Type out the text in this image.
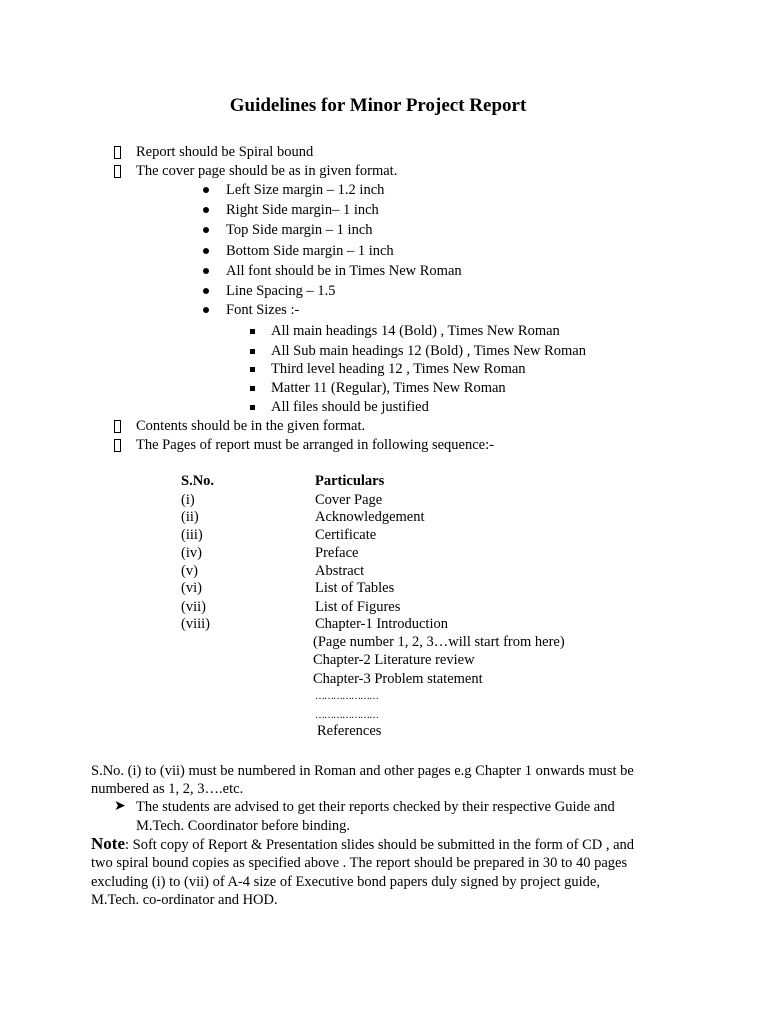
Guidelines for Minor Project Report
Report should be Spiral bound
The cover page should be as in given format.
Left Size margin – 1.2 inch
Right Side margin– 1 inch
Top Side margin – 1 inch
Bottom Side margin – 1 inch
All font should be in Times New Roman
Line Spacing – 1.5
Font Sizes :-
All main headings 14 (Bold) , Times New Roman
All Sub main headings 12 (Bold) , Times New Roman
Third level heading 12 , Times New Roman
Matter 11 (Regular), Times New Roman
All files should be justified
Contents should be in the given format.
The Pages of report must be arranged in following sequence:-
S.No.	Particulars
(i)	Cover Page
(ii)	Acknowledgement
(iii)	Certificate
(iv)	Preface
(v)	Abstract
(vi)	List of Tables
(vii)	List of Figures
(viii)	Chapter-1 Introduction
(Page number 1, 2, 3…will start from here)
Chapter-2 Literature review
Chapter-3 Problem statement
…………………
…………………
References
S.No. (i) to (vii) must be numbered in Roman and other pages e.g Chapter 1 onwards must be
numbered as 1, 2, 3….etc.
➤ The students are advised to get their reports checked by their respective Guide and
M.Tech. Coordinator before binding.
Note: Soft copy of Report & Presentation slides should be submitted in the form of CD , and
two spiral bound copies as specified above . The report should be prepared in 30 to 40 pages
excluding (i) to (vii) of A-4 size of Executive bond papers duly signed by project guide,
M.Tech. co-ordinator and HOD.
